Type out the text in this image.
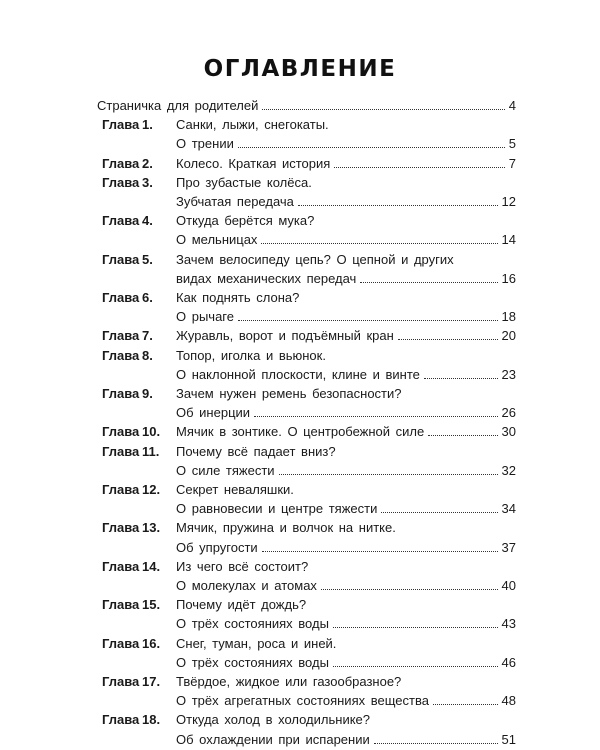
ОГЛАВЛЕНИЕ
Страничка для родителей	4
Глава 1.	Санки, лыжи, снегокаты.
О трении	5
Глава 2.	Колесо. Краткая история	7
Глава 3.	Про зубастые колёса.
Зубчатая передача	12
Глава 4.	Откуда берётся мука?
О мельницах	14
Глава 5.	Зачем велосипеду цепь? О цепной и других
видах механических передач	16
Глава 6.	Как поднять слона?
О рычаге	18
Глава 7.	Журавль, ворот и подъёмный кран	20
Глава 8.	Топор, иголка и вьюнок.
О наклонной плоскости, клине и винте	23
Глава 9.	Зачем нужен ремень безопасности?
Об инерции	26
Глава 10.	Мячик в зонтике. О центробежной силе	30
Глава 11.	Почему всё падает вниз?
О силе тяжести	32
Глава 12.	Секрет неваляшки.
О равновесии и центре тяжести	34
Глава 13.	Мячик, пружина и волчок на нитке.
Об упругости	37
Глава 14.	Из чего всё состоит?
О молекулах и атомах	40
Глава 15.	Почему идёт дождь?
О трёх состояниях воды	43
Глава 16.	Снег, туман, роса и иней.
О трёх состояниях воды	46
Глава 17.	Твёрдое, жидкое или газообразное?
О трёх агрегатных состояниях вещества	48
Глава 18.	Откуда холод в холодильнике?
Об охлаждении при испарении	51
